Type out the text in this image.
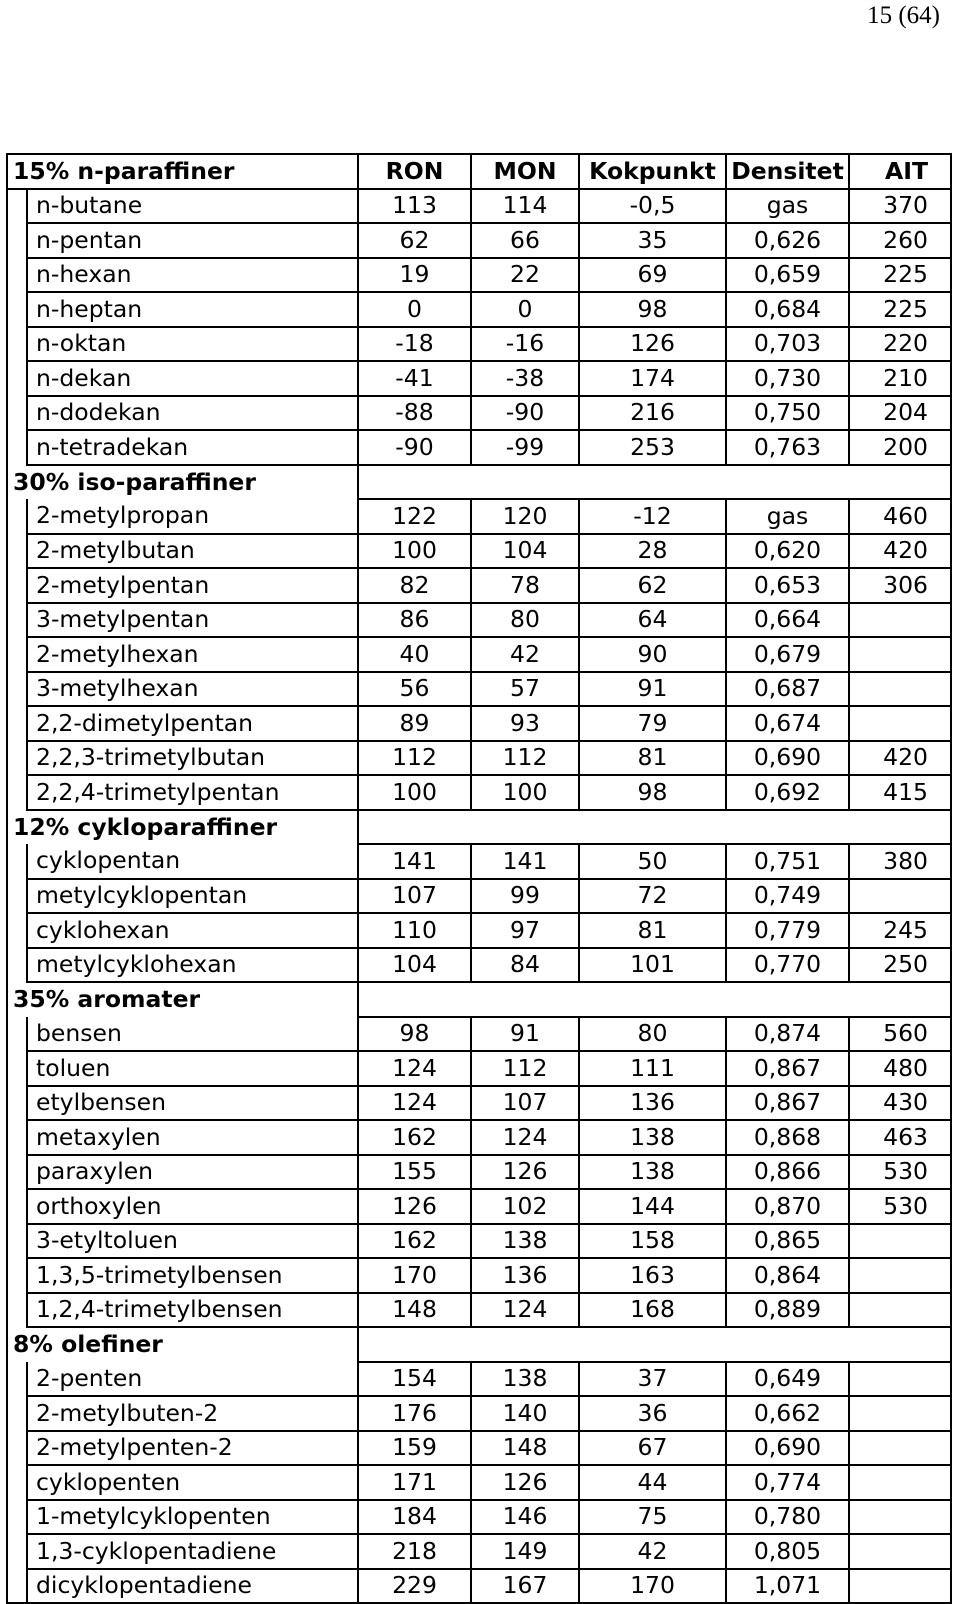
15 (64)
15% n-paraffiner		RON	MON	Kokpunkt	Densitet	AIT
	n-butane	113	114	-0,5	gas	370
	n-pentan	62	66	35	0,626	260
	n-hexan	19	22	69	0,659	225
	n-heptan	0	0	98	0,684	225
	n-oktan	-18	-16	126	0,703	220
	n-dekan	-41	-38	174	0,730	210
	n-dodekan	-88	-90	216	0,750	204
	n-tetradekan	-90	-99	253	0,763	200
30% iso-paraffiner						
	2-metylpropan	122	120	-12	gas	460
	2-metylbutan	100	104	28	0,620	420
	2-metylpentan	82	78	62	0,653	306
	3-metylpentan	86	80	64	0,664	
	2-metylhexan	40	42	90	0,679	
	3-metylhexan	56	57	91	0,687	
	2,2-dimetylpentan	89	93	79	0,674	
	2,2,3-trimetylbutan	112	112	81	0,690	420
	2,2,4-trimetylpentan	100	100	98	0,692	415
12% cykloparaffiner						
	cyklopentan	141	141	50	0,751	380
	metylcyklopentan	107	99	72	0,749	
	cyklohexan	110	97	81	0,779	245
	metylcyklohexan	104	84	101	0,770	250
35% aromater						
	bensen	98	91	80	0,874	560
	toluen	124	112	111	0,867	480
	etylbensen	124	107	136	0,867	430
	metaxylen	162	124	138	0,868	463
	paraxylen	155	126	138	0,866	530
	orthoxylen	126	102	144	0,870	530
	3-etyltoluen	162	138	158	0,865	
	1,3,5-trimetylbensen	170	136	163	0,864	
	1,2,4-trimetylbensen	148	124	168	0,889	
8% olefiner						
	2-penten	154	138	37	0,649	
	2-metylbuten-2	176	140	36	0,662	
	2-metylpenten-2	159	148	67	0,690	
	cyklopenten	171	126	44	0,774	
	1-metylcyklopenten	184	146	75	0,780	
	1,3-cyklopentadiene	218	149	42	0,805	
	dicyklopentadiene	229	167	170	1,071	
